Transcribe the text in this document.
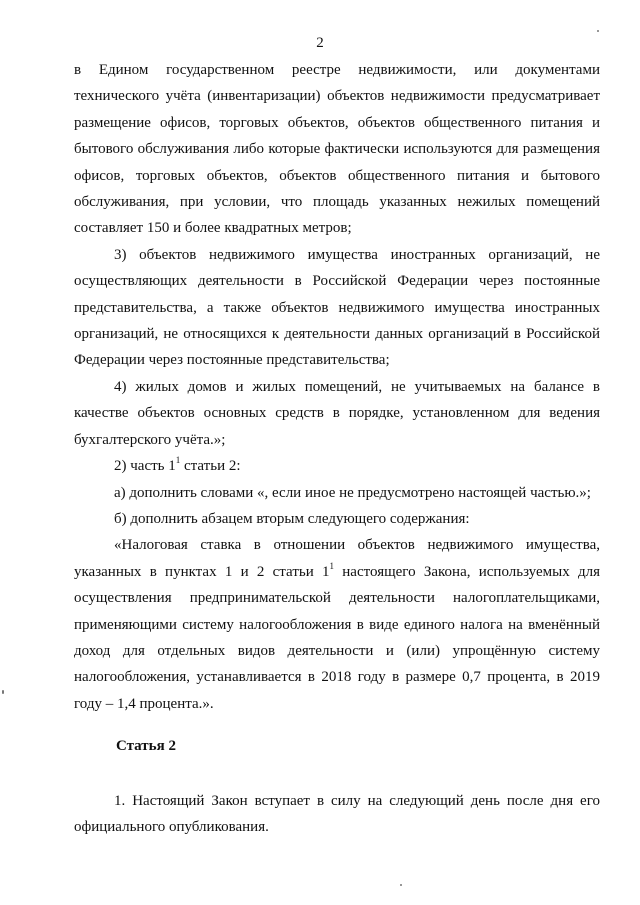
2

в Едином государственном реестре недвижимости, или документами технического учёта (инвентаризации) объектов недвижимости предусматривает размещение офисов, торговых объектов, объектов общественного питания и бытового обслуживания либо которые фактически используются для размещения офисов, торговых объектов, объектов общественного питания и бытового обслуживания, при условии, что площадь указанных нежилых помещений составляет 150 и более квадратных метров;

3) объектов недвижимого имущества иностранных организаций, не осуществляющих деятельности в Российской Федерации через постоянные представительства, а также объектов недвижимого имущества иностранных организаций, не относящихся к деятельности данных организаций в Российской Федерации через постоянные представительства;

4) жилых домов и жилых помещений, не учитываемых на балансе в качестве объектов основных средств в порядке, установленном для ведения бухгалтерского учёта.»;

2) часть $1^1$ статьи 2:

а) дополнить словами «, если иное не предусмотрено настоящей частью.»;

б) дополнить абзацем вторым следующего содержания:

«Налоговая ставка в отношении объектов недвижимого имущества, указанных в пунктах 1 и 2 статьи $1^1$ настоящего Закона, используемых для осуществления предпринимательской деятельности налогоплательщиками, применяющими систему налогообложения в виде единого налога на вменённый доход для отдельных видов деятельности и (или) упрощённую систему налогообложения, устанавливается в 2018 году в размере 0,7 процента, в 2019 году – 1,4 процента.».

Статья 2

1. Настоящий Закон вступает в силу на следующий день после дня его официального опубликования.
